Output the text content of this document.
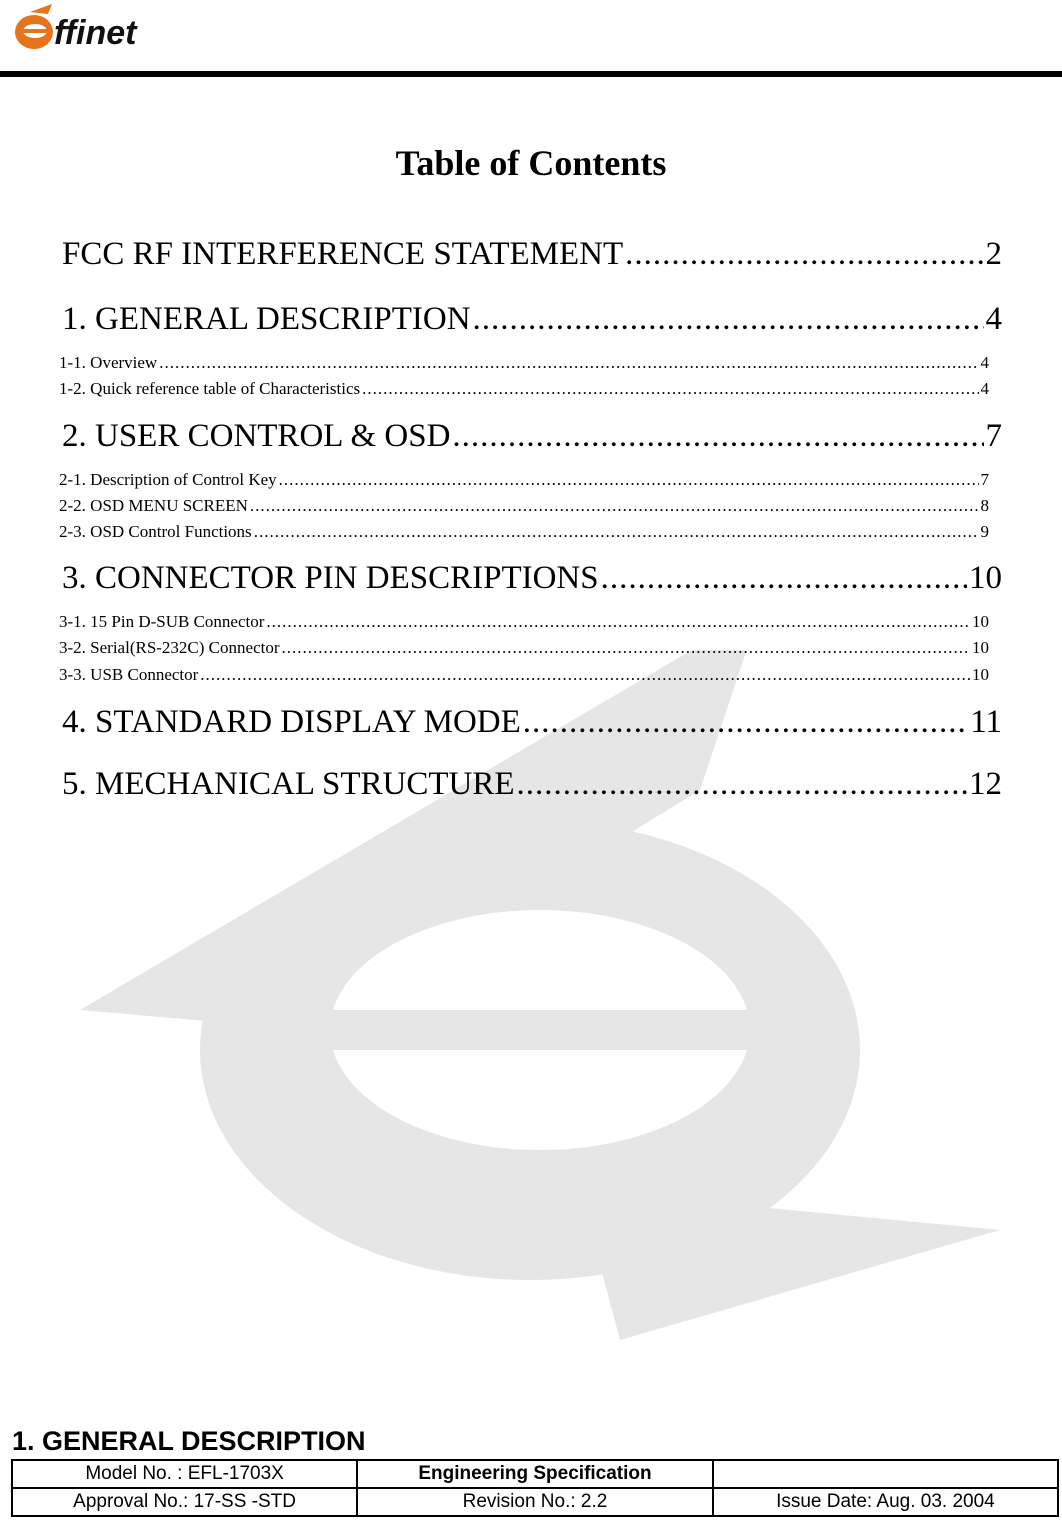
ffinet
Table of Contents
FCC RF INTERFERENCE STATEMENT .....	2
1. GENERAL DESCRIPTION .....	4
1-1. Overview .....	4
1-2. Quick reference table of Characteristics .....	4
2. USER CONTROL & OSD .....	7
2-1. Description of Control Key .....	7
2-2. OSD MENU SCREEN .....	8
2-3. OSD Control Functions .....	9
3. CONNECTOR PIN DESCRIPTIONS .....	10
3-1. 15 Pin D-SUB Connector .....	10
3-2. Serial(RS-232C) Connector .....	10
3-3. USB Connector .....	10
4. STANDARD DISPLAY MODE .....	11
5. MECHANICAL STRUCTURE .....	12
1. GENERAL DESCRIPTION
Model No. : EFL-1703X	Engineering Specification	
Approval No.: 17-SS -STD	Revision No.: 2.2	Issue Date: Aug. 03. 2004
